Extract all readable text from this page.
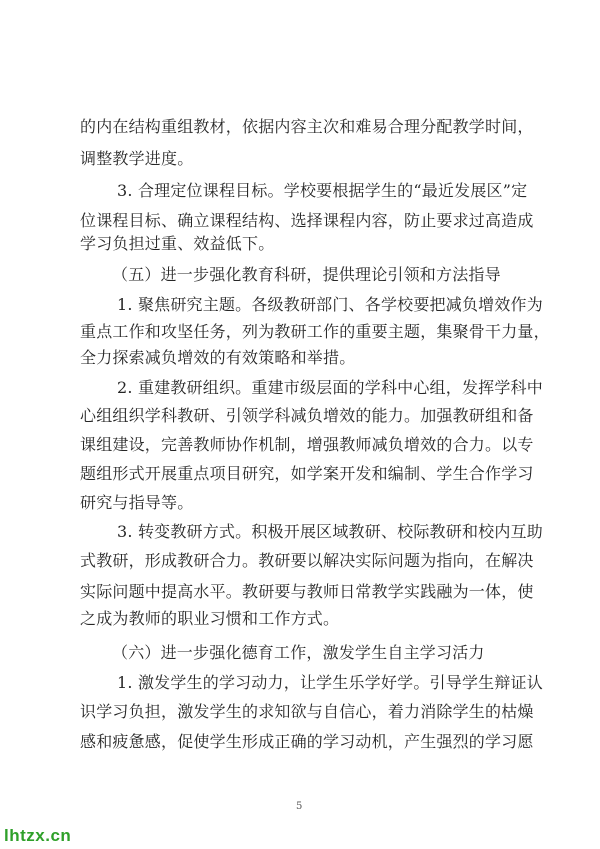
的内在结构重组教材，依据内容主次和难易合理分配教学时间，
调整教学进度。
3. 合理定位课程目标。学校要根据学生的“最近发展区”定
位课程目标、确立课程结构、选择课程内容，防止要求过高造成
学习负担过重、效益低下。
（五）进一步强化教育科研，提供理论引领和方法指导
1. 聚焦研究主题。各级教研部门、各学校要把减负增效作为
重点工作和攻坚任务，列为教研工作的重要主题，集聚骨干力量，
全力探索减负增效的有效策略和举措。
2. 重建教研组织。重建市级层面的学科中心组，发挥学科中
心组组织学科教研、引领学科减负增效的能力。加强教研组和备
课组建设，完善教师协作机制，增强教师减负增效的合力。以专
题组形式开展重点项目研究，如学案开发和编制、学生合作学习
研究与指导等。
3. 转变教研方式。积极开展区域教研、校际教研和校内互助
式教研，形成教研合力。教研要以解决实际问题为指向，在解决
实际问题中提高水平。教研要与教师日常教学实践融为一体，使
之成为教师的职业习惯和工作方式。
（六）进一步强化德育工作，激发学生自主学习活力
1. 激发学生的学习动力，让学生乐学好学。引导学生辩证认
识学习负担，激发学生的求知欲与自信心，着力消除学生的枯燥
感和疲惫感，促使学生形成正确的学习动机，产生强烈的学习愿
5
lhtzx.cn
